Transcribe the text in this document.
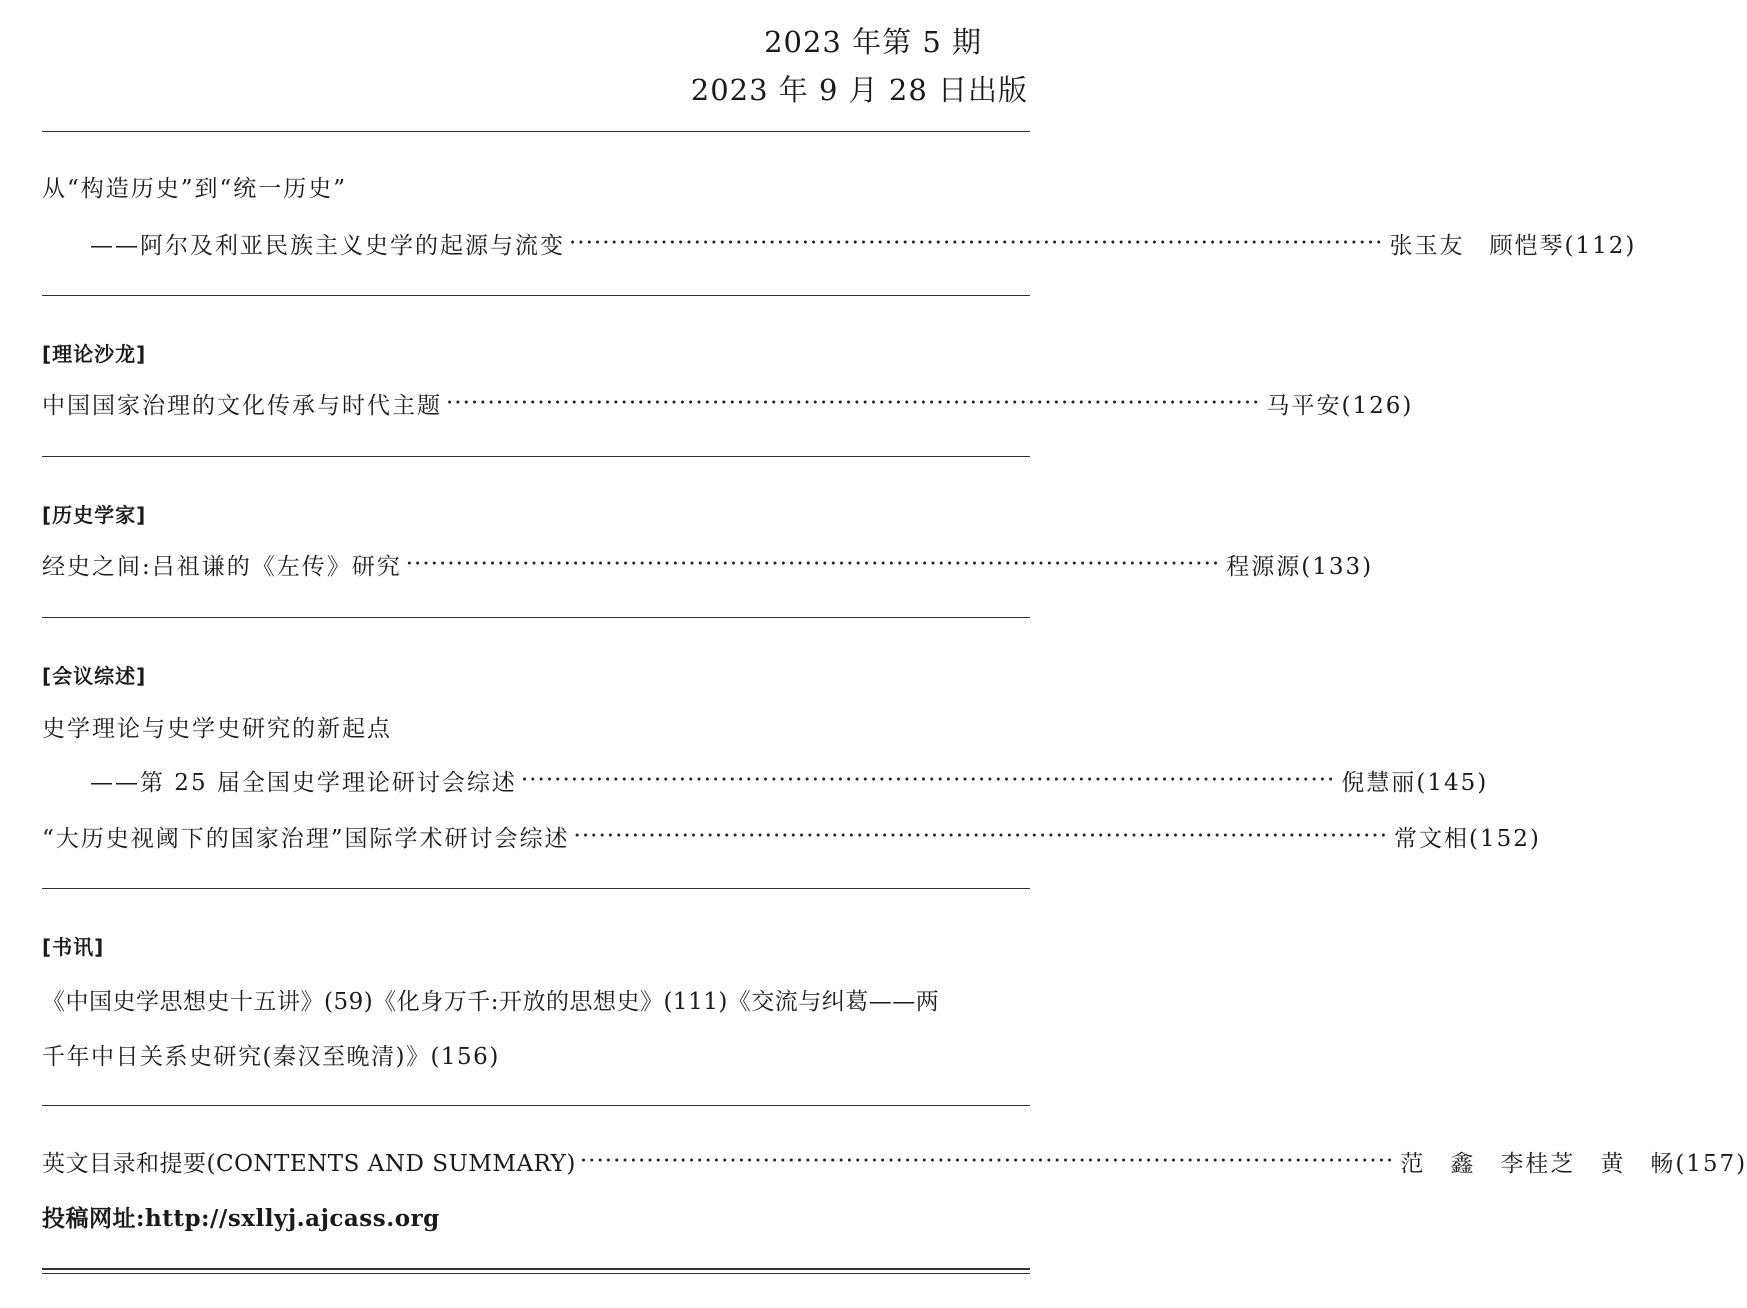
2023 年第 5 期
2023 年 9 月 28 日出版
从“构造历史”到“统一历史”
——阿尔及利亚民族主义史学的起源与流变 ·································································································· 张玉友　顾恺琴(112)
[理论沙龙]
中国国家治理的文化传承与时代主题 ·································································································· 马平安(126)
[历史学家]
经史之间:吕祖谦的《左传》研究 ·································································································· 程源源(133)
[会议综述]
史学理论与史学史研究的新起点
——第 25 届全国史学理论研讨会综述 ·································································································· 倪慧丽(145)
“大历史视阈下的国家治理”国际学术研讨会综述 ·································································································· 常文相(152)
[书讯]
《中国史学思想史十五讲》(59)《化身万千:开放的思想史》(111)《交流与纠葛——两
千年中日关系史研究(秦汉至晚清)》(156)
英文目录和提要(CONTENTS AND SUMMARY) ·································································································· 范　鑫　李桂芝　黄　畅(157)
投稿网址:http://sxllyj.ajcass.org
